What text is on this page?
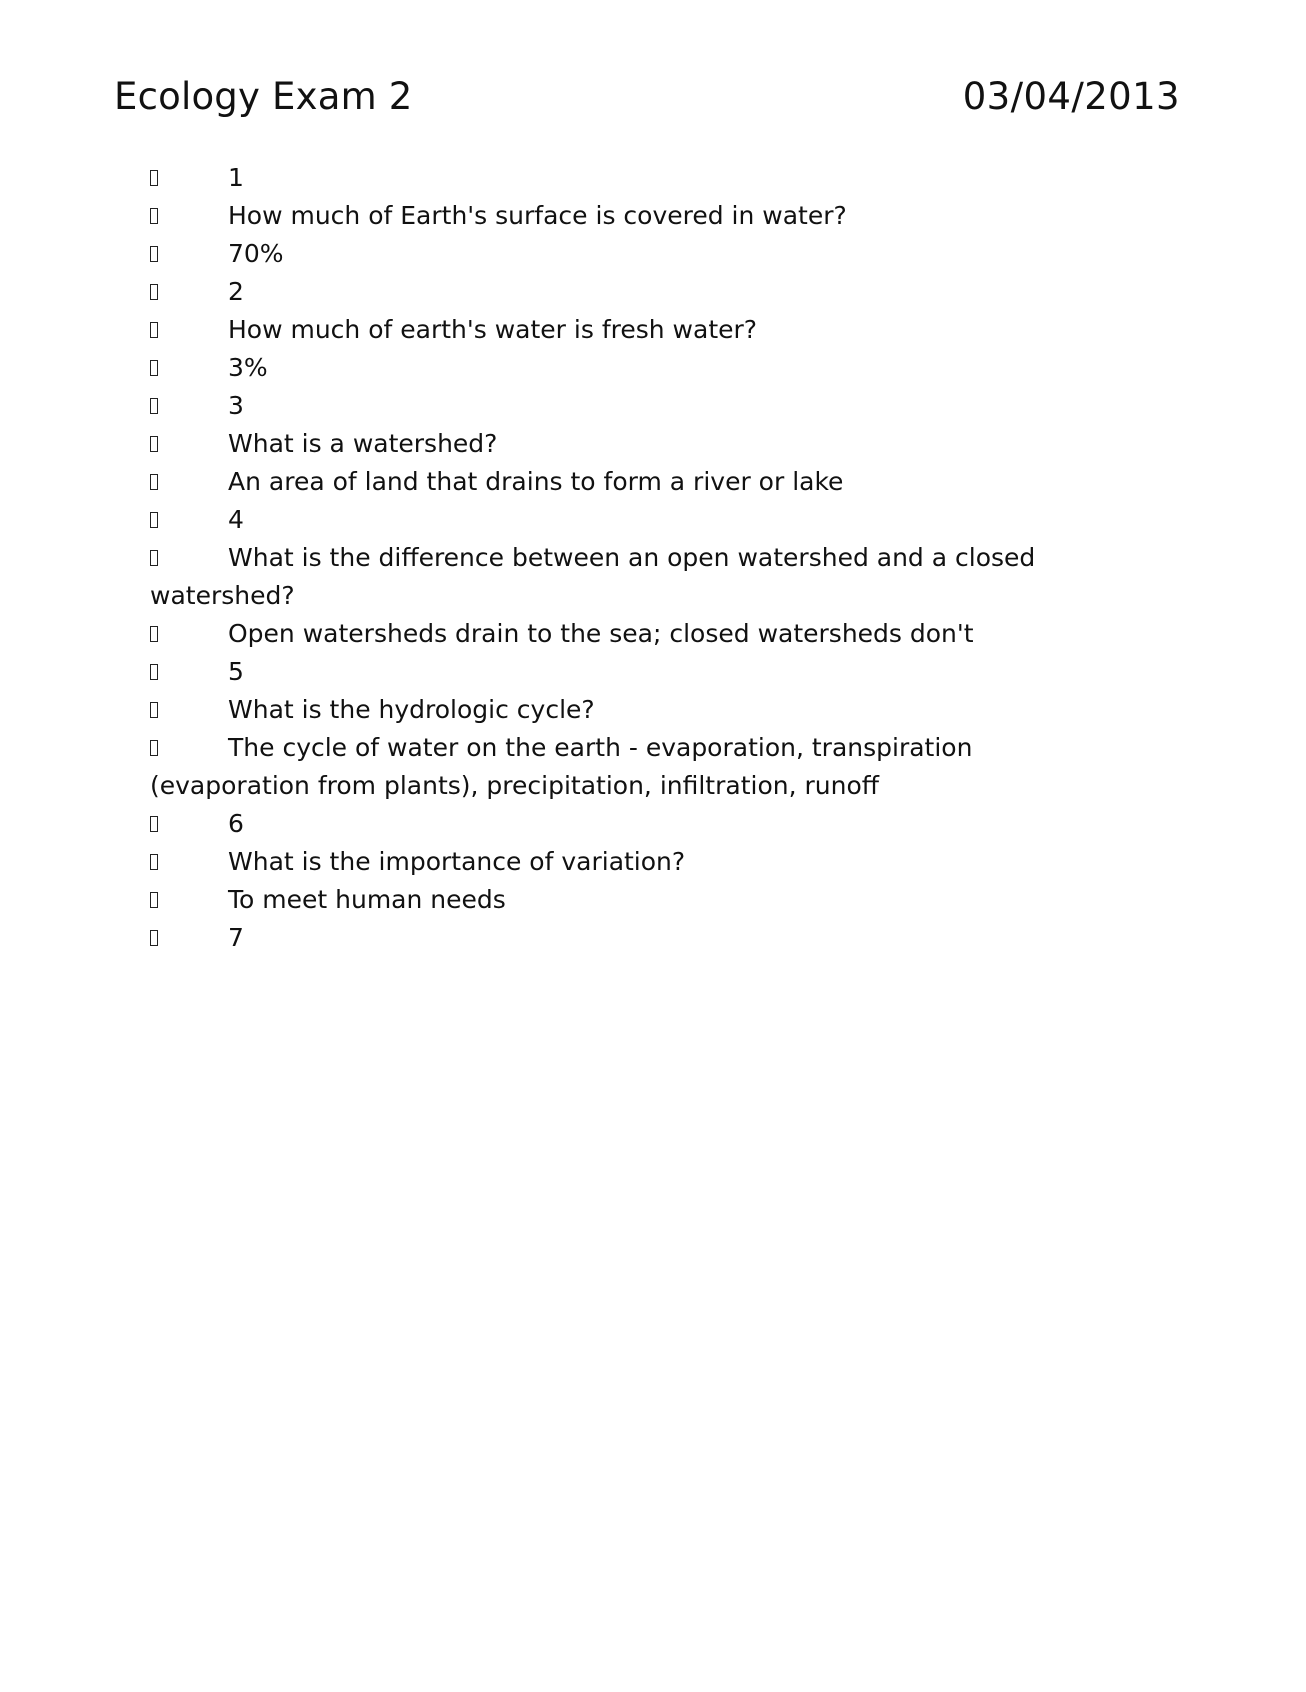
Ecology Exam 2	03/04/2013
1
How much of Earth's surface is covered in water?
70%
2
How much of earth's water is fresh water?
3%
3
What is a watershed?
An area of land that drains to form a river or lake
4
What is the difference between an open watershed and a closed watershed?
Open watersheds drain to the sea; closed watersheds don't
5
What is the hydrologic cycle?
The cycle of water on the earth - evaporation, transpiration (evaporation from plants), precipitation, infiltration, runoff
6
What is the importance of variation?
To meet human needs
7
